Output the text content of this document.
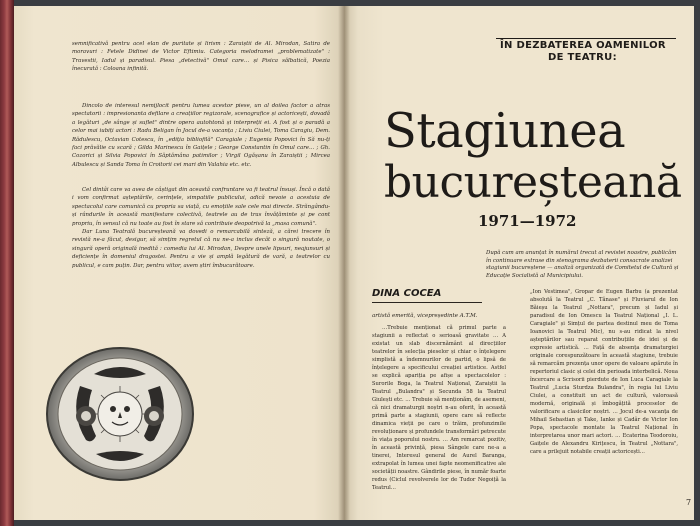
semnificativă pentru acel elan de puritate și lirism : Zaraiștii de Al. Mirodan, Satira de moravuri : Fetele Didinei de Victor Eftimiu. Categoria melodramei „problematizate" : Travestii, Iadul și paradisul. Piesa „detectivă" Omul care… și Pisica sălbatică, Poezia înecurată : Coloana infinită.

Dincolo de interesul nemijlocit pentru lumea acestor piese, un al doilea factor a atras spectatorii : impresionanta defilare a creațiilor regizorale, scenografice și actoricești, dovadă a legături „de sânge și suflet" dintre opera autohtonă și interpreții ei. A fost și o paradă a celor mai iubiți actori : Radu Beligan în Jocul de-a vacanța ; Liviu Ciulei, Toma Caragiu, Dem. Rădulescu, Octavian Cotescu, în „ediția bibliofilă" Caragiale ; Eugenia Popovici în Să nu-ți faci prăvălie cu scară ; Gilda Marinescu în Gaițele ; George Constantin în Omul care… ; Gh. Cozorici și Silvia Popovici în Săptămâna patimilor ; Virgil Ogășanu în Zaraiștii ; Mircea Albulescu și Sanda Toma în Croitorii cei mari din Valahia etc. etc.

Cel dintâi care va avea de câștigat din această confruntare va fi teatrul însuși. Încă o dată i vom confirmat așteptările, cerințele, simpatiile publicului, adică nevoie a acestuia de spectacolul care comunică cu propria sa viață, cu emoțiile sale cele mai directe. Străngându-și rândurile în această manifestare colectivă, teatrele au de tras învățăminte și pe cont propriu, în sensul că nu toate au fost în stare să contribuie deopotrivă la „masa comună".

Dar Luna Teatrală bucureșteană va dovedi o remarcabilă sinteză, a cărei trecere în revistă ne-a făcut, desigur, să simțim regretul că nu ne-a inclus decât o singură noutate, o singură operă originală inedită : comedia lui Al. Mirodan, Despre unele lipsuri, neajunsuri și deficiențe în domeniul dragostei. Pentru a vie și amplă legătură de vară, a teatrelor cu publicul, e cam puțin. Dar, pentru viitor, avem știri îmbucurătoare.

ÎN DEZBATEREA OAMENILOR
DE TEATRU:
Stagiunea
bucureșteană
1971—1972
După cum am anunțat în numărul trecut al revistei noastre, publicăm în continuare extrase din stenograma dezbaterii consacrate analizei stagiunii bucureștene — analiză organizată de Comitetul de Cultură și Educație Socialistă al Municipiului.
DINA COCEA
artistă emerită, vicepreședinte A.T.M.

…Trebuie menționat că primul parte a stagiunii a reflectat o serioasă gravitate … A existat un slab discernământ al direcțiilor teatrelor în selecția pieselor și chiar o înțelegere simplistă a îndemnurilor de partid, o lipsă de înțelegere a specificului creației artistice. Astfel se explică apariția pe afișe a spectacolelor : Surorile Boga, la Teatrul Național, Zaraiștii la Teatrul „Bulandra" și Secunda 58 la Teatrul Giulești etc. … Trebuie să menționăm, de asemeni, că nici dramaturgii noștri n-au oferit, în această primă parte a stagiunii, opere care să reflecte dinamica vieții pe care o trăim, profunzimile revoluționare și profundele transformări petrecute în viața poporului nostru. … Am remarcat pozitiv, în această privință, piesa Sângele care ne-a a tinerei, Interesul general de Aurel Baranga, extrapolat în lumea unei fapte neomenificative ale societății noastre. Gândirile piese, în număr foarte redus (Ciclul revolverele lor de Tudor Negoiță la Teatrul…

„Ion Vestimea", Gropar de Eugen Barbu (a prezentat absolută la Teatrul „C. Tănase" și Fluviarul de Ion Băieșu la Teatrul „Nottara", precum și Iadul și paradisul de Ion Omescu la Teatrul Național „I. L. Caragiale" și Simțul de partea destinul meu de Toma Ioanovici la Teatrul Mic), nu s-au ridicat la nivel așteptărilor sau reparat contribuțiile de idei și de expresie artistică. … Față de absența dramaturgiei originale corespunzătoare în această stagiune, trebuie să remarcăm prezența unor opere de valoare apărute în repertoriul clasic și celei din perioada interbelică. Noua încercare a Scrisorii pierdute de Ion Luca Caragiale la Teatrul „Lucia Sturdza Bulandra", în regia lui Liviu Ciulei, a constituit un act de cultură, valoroasă modernă, originală și îmbogățită proceselor de valorificare a clasicilor noștri. … Jocul de-a vacanța de Mihail Sebastian și Take, Ianke și Cadâr de Victor Ion Popa, spectacole montate la Teatrul Național în interpretarea unor mari actori. … Ecaterina Teodoroiu, Gaițele de Alexandru Kirițescu, în Teatrul „Nottara", care a prilejuit notabile creații actoricești…

7
